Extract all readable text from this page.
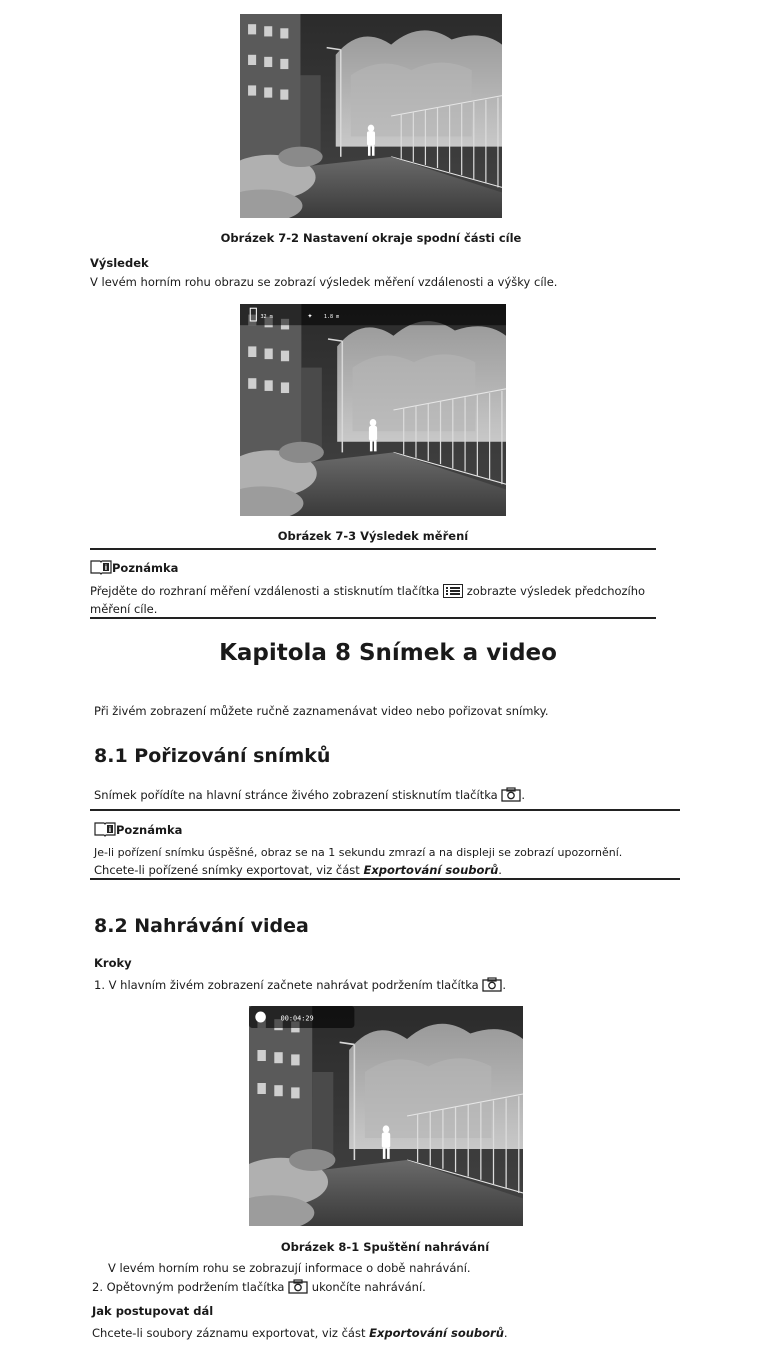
Obrázek 7-2 Nastavení okraje spodní části cíle
Výsledek
V levém horním rohu obrazu se zobrazí výsledek měření vzdálenosti a výšky cíle.
32 m	✦ 1.8 m
Obrázek 7-3 Výsledek měření
i Poznámka
Přejděte do rozhraní měření vzdálenosti a stisknutím tlačítka zobrazte výsledek předchozího
měření cíle.
Kapitola 8 Snímek a video
Při živém zobrazení můžete ručně zaznamenávat video nebo pořizovat snímky.
8.1 Pořizování snímků
Snímek pořídíte na hlavní stránce živého zobrazení stisknutím tlačítka .
i Poznámka
Je-li pořízení snímku úspěšné, obraz se na 1 sekundu zmrazí a na displeji se zobrazí upozornění.
Chcete-li pořízené snímky exportovat, viz část Exportování souborů.
8.2 Nahrávání videa
Kroky
1. V hlavním živém zobrazení začnete nahrávat podržením tlačítka .
00:04:29
Obrázek 8-1 Spuštění nahrávání
V levém horním rohu se zobrazují informace o době nahrávání.
2. Opětovným podržením tlačítka ukončíte nahrávání.
Jak postupovat dál
Chcete-li soubory záznamu exportovat, viz část Exportování souborů.
